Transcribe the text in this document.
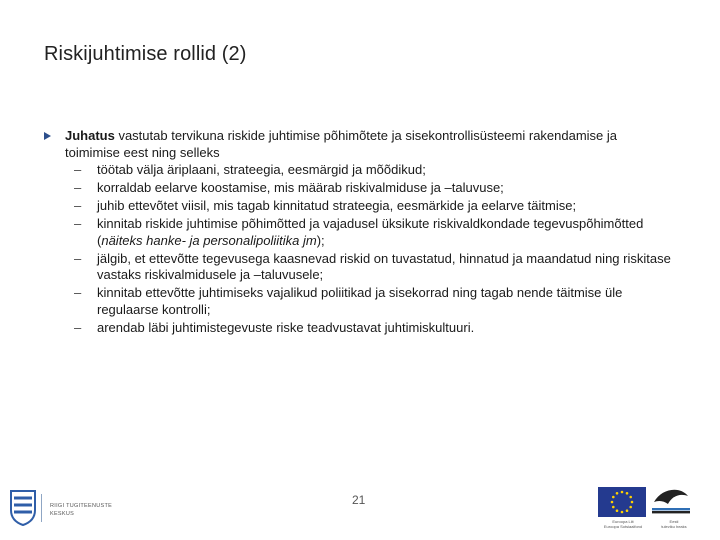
Riskijuhtimise rollid (2)
Juhatus vastutab tervikuna riskide juhtimise põhimõtete ja sisekontrollisüsteemi rakendamise ja toimimise eest ning selleks
– töötab välja äriplaani, strateegia, eesmärgid ja mõõdikud;
– korraldab eelarve koostamise, mis määrab riskivalmiduse ja –taluvuse;
– juhib ettevõtet viisil, mis tagab kinnitatud strateegia, eesmärkide ja eelarve täitmise;
– kinnitab riskide juhtimise põhimõtted ja vajadusel üksikute riskivaldkondade tegevuspõhimõtted (näiteks hanke- ja personalipoliitika jm);
– jälgib, et ettevõtte tegevusega kaasnevad riskid on tuvastatud, hinnatud ja maandatud ning riskitase vastaks riskivalmidusele ja –taluvusele;
– kinnitab ettevõtte juhtimiseks vajalikud poliitikad ja sisekorrad ning tagab nende täitmise üle regulaarse kontrolli;
– arendab läbi juhtimistegevuste riske teadvustavat juhtimiskultuuri.
21
RIIGI TUGITEENUSTE
KESKUS
Euroopa Liit
Euroopa Sotsiaalfond
Eesti
tuleviku heaks
